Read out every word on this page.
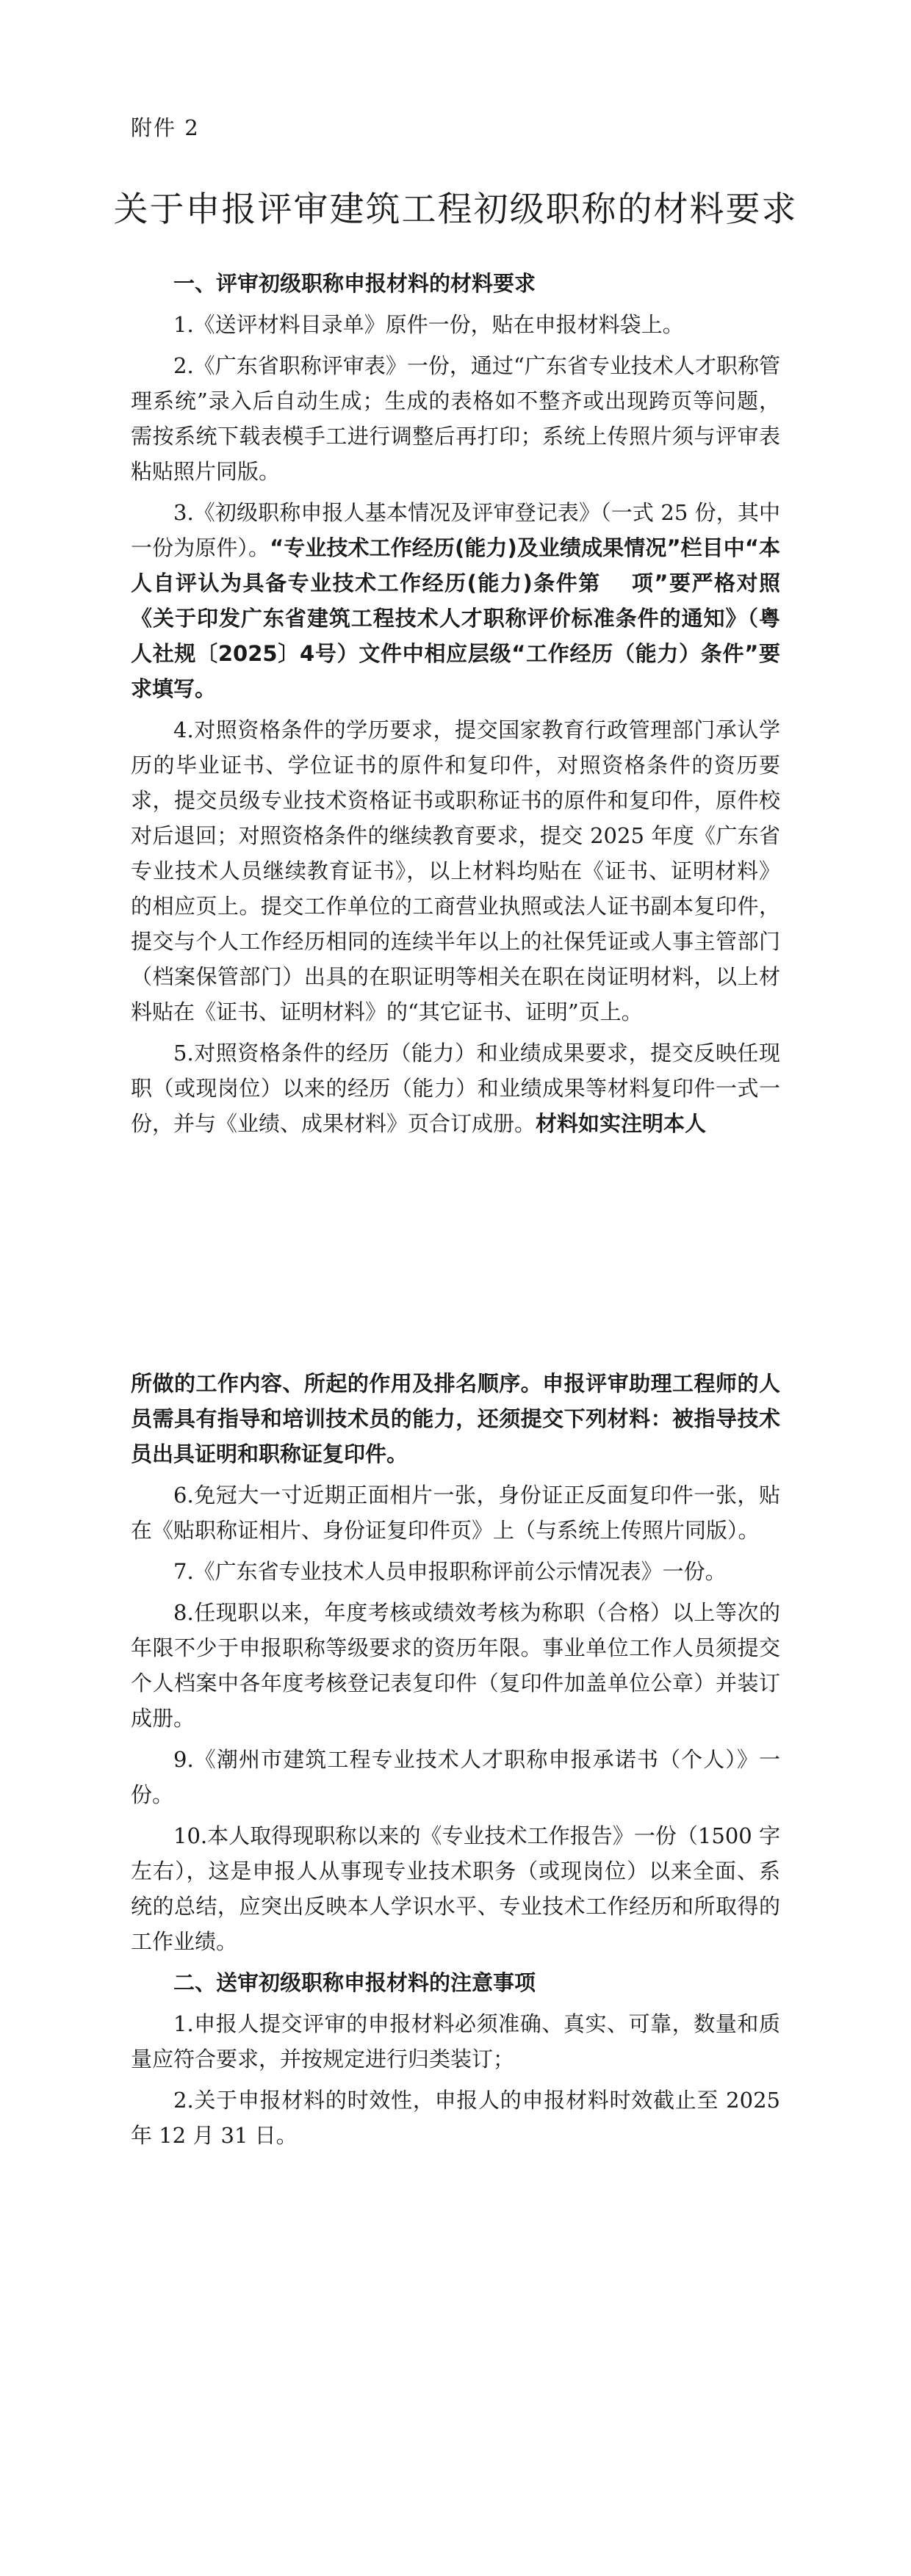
附件 2
关于申报评审建筑工程初级职称的材料要求

一、评审初级职称申报材料的材料要求

1.《送评材料目录单》原件一份，贴在申报材料袋上。

2.《广东省职称评审表》一份，通过“广东省专业技术人才职称管理系统”录入后自动生成；生成的表格如不整齐或出现跨页等问题，需按系统下载表模手工进行调整后再打印；系统上传照片须与评审表粘贴照片同版。

3.《初级职称申报人基本情况及评审登记表》（一式 25 份，其中一份为原件）。“专业技术工作经历(能力)及业绩成果情况”栏目中“本人自评认为具备专业技术工作经历(能力)条件第　 项”要严格对照《关于印发广东省建筑工程技术人才职称评价标准条件的通知》（粤人社规〔2025〕4号）文件中相应层级“工作经历（能力）条件”要求填写。

4.对照资格条件的学历要求，提交国家教育行政管理部门承认学历的毕业证书、学位证书的原件和复印件，对照资格条件的资历要求，提交员级专业技术资格证书或职称证书的原件和复印件，原件校对后退回；对照资格条件的继续教育要求，提交 2025 年度《广东省专业技术人员继续教育证书》，以上材料均贴在《证书、证明材料》的相应页上。提交工作单位的工商营业执照或法人证书副本复印件，提交与个人工作经历相同的连续半年以上的社保凭证或人事主管部门（档案保管部门）出具的在职证明等相关在职在岗证明材料，以上材料贴在《证书、证明材料》的“其它证书、证明”页上。

5.对照资格条件的经历（能力）和业绩成果要求，提交反映任现职（或现岗位）以来的经历（能力）和业绩成果等材料复印件一式一份，并与《业绩、成果材料》页合订成册。材料如实注明本人

所做的工作内容、所起的作用及排名顺序。申报评审助理工程师的人员需具有指导和培训技术员的能力，还须提交下列材料：被指导技术员出具证明和职称证复印件。

6.免冠大一寸近期正面相片一张，身份证正反面复印件一张，贴在《贴职称证相片、身份证复印件页》上（与系统上传照片同版）。

7.《广东省专业技术人员申报职称评前公示情况表》一份。

8.任现职以来，年度考核或绩效考核为称职（合格）以上等次的年限不少于申报职称等级要求的资历年限。事业单位工作人员须提交个人档案中各年度考核登记表复印件（复印件加盖单位公章）并装订成册。

9.《潮州市建筑工程专业技术人才职称申报承诺书（个人）》一份。

10.本人取得现职称以来的《专业技术工作报告》一份（1500 字左右），这是申报人从事现专业技术职务（或现岗位）以来全面、系统的总结，应突出反映本人学识水平、专业技术工作经历和所取得的工作业绩。

二、送审初级职称申报材料的注意事项

1.申报人提交评审的申报材料必须准确、真实、可靠，数量和质量应符合要求，并按规定进行归类装订；

2.关于申报材料的时效性，申报人的申报材料时效截止至 2025 年 12 月 31 日。
